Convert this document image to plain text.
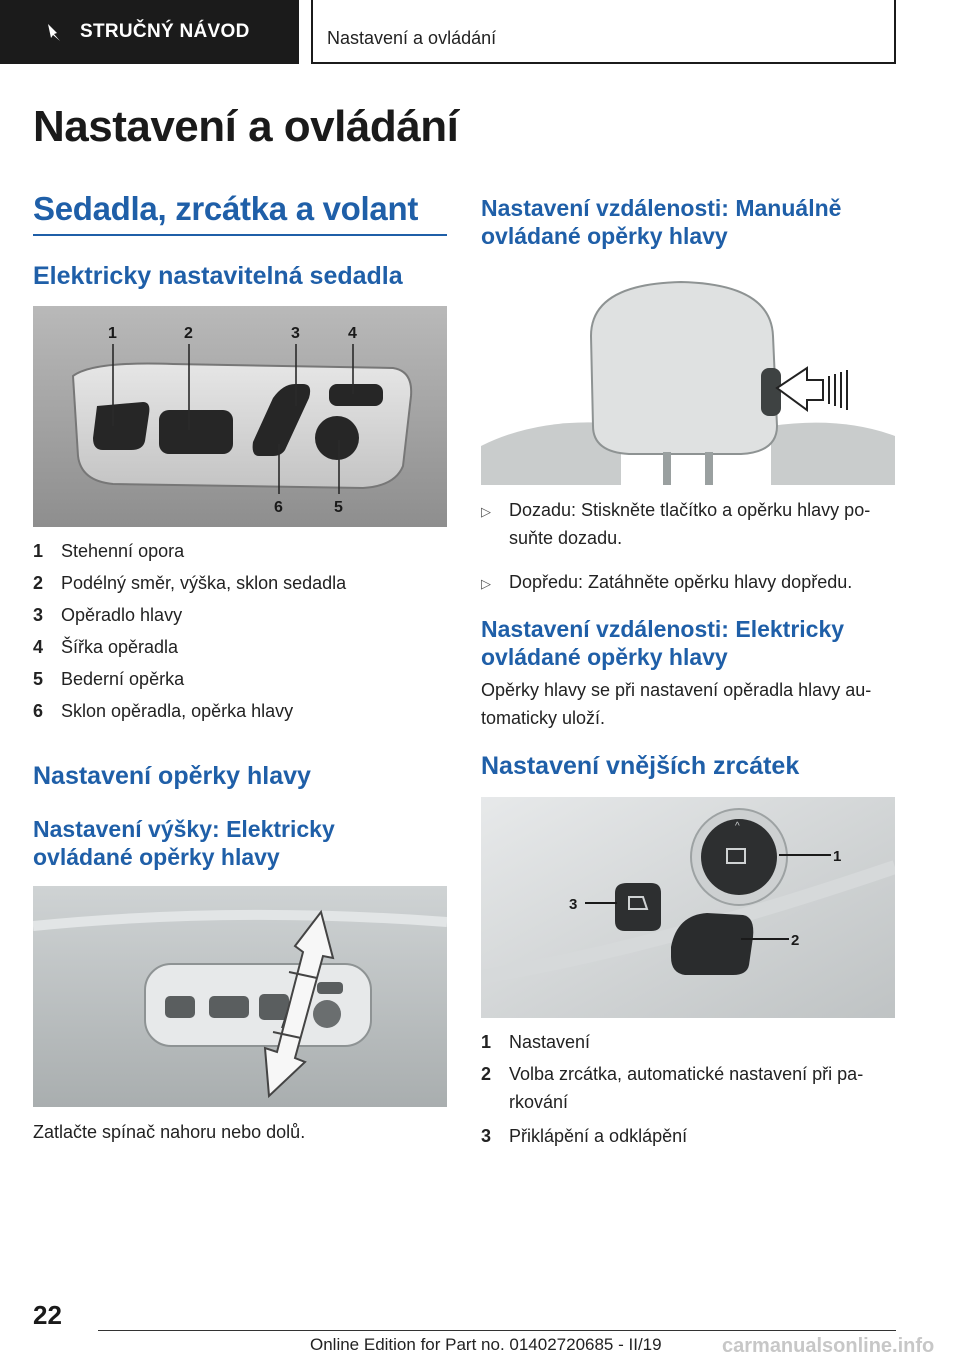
STRUČNÝ NÁVOD	Nastavení a ovládání
Nastavení a ovládání
Sedadla, zrcátka a volant
Elektricky nastavitelná sedadla
1	2	3	4
5
6
1 Stehenní opora
2 Podélný směr, výška, sklon sedadla
3 Opěradlo hlavy
4 Šířka opěradla
5 Bederní opěrka
6 Sklon opěradla, opěrka hlavy
Nastavení opěrky hlavy
Nastavení výšky: Elektricky ovládané opěrky hlavy
Zatlačte spínač nahoru nebo dolů.
Nastavení vzdálenosti: Manuálně ovládané opěrky hlavy
▷	Dozadu: Stiskněte tlačítko a opěrku hlavy po‐suňte dozadu.
▷	Dopředu: Zatáhněte opěrku hlavy dopředu.
Nastavení vzdálenosti: Elektricky ovládané opěrky hlavy
Opěrky hlavy se při nastavení opěradla hlavy au‐tomaticky uloží.
Nastavení vnějších zrcátek
^
1
2
3
1 Nastavení
2 Volba zrcátka, automatické nastavení při pa‐rkování
3 Přiklápění a odklápění
22
Online Edition for Part no. 01402720685 - II/19	carmanualsonline.info
